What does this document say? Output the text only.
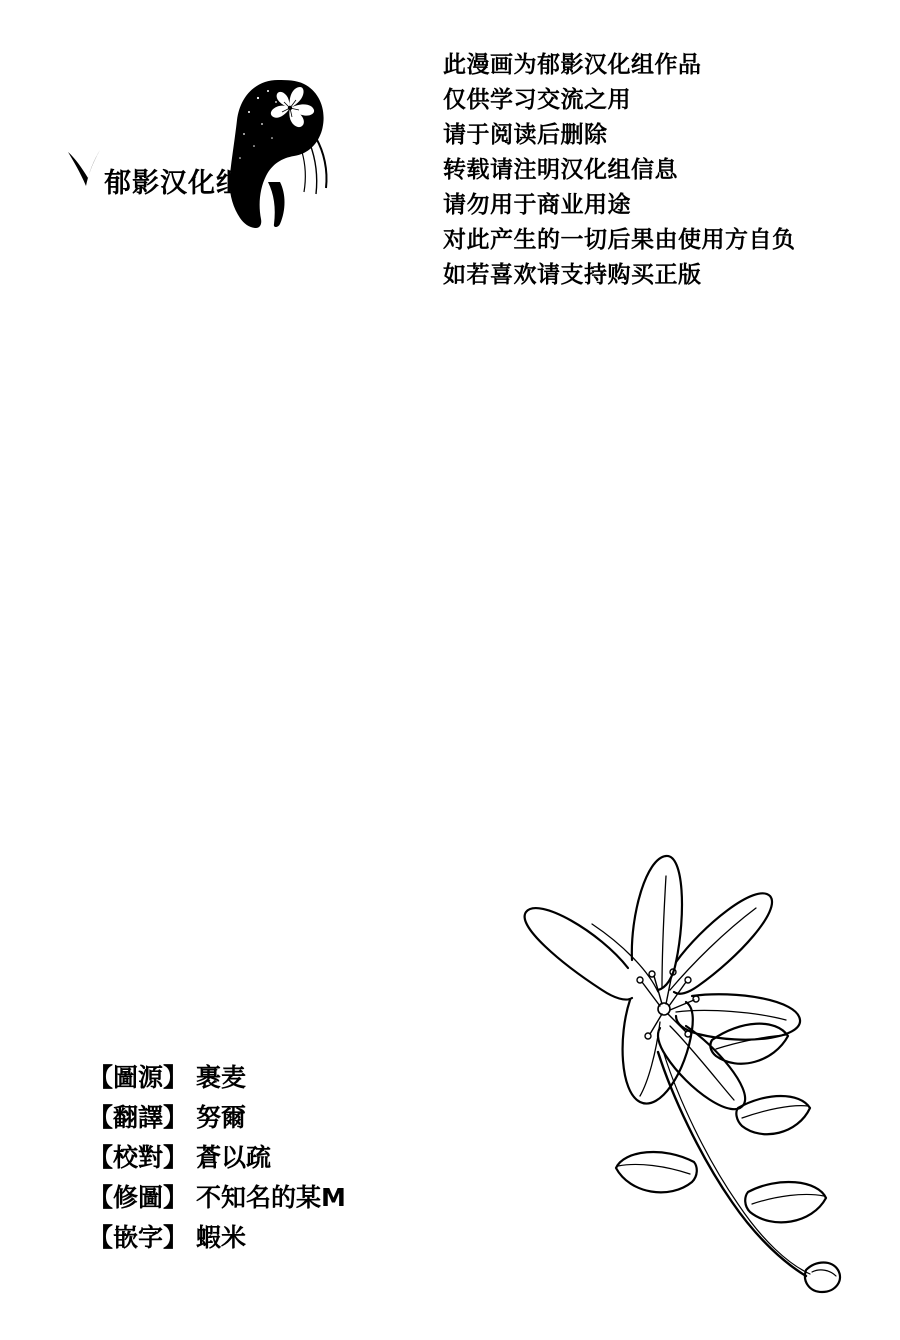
郁影汉化组
此漫画为郁影汉化组作品
仅供学习交流之用
请于阅读后删除
转载请注明汉化组信息
请勿用于商业用途
对此产生的一切后果由使用方自负
如若喜欢请支持购买正版
【圖源】 裹麦
【翻譯】 努爾
【校對】 蒼以疏
【修圖】 不知名的某M
【嵌字】 蝦米
